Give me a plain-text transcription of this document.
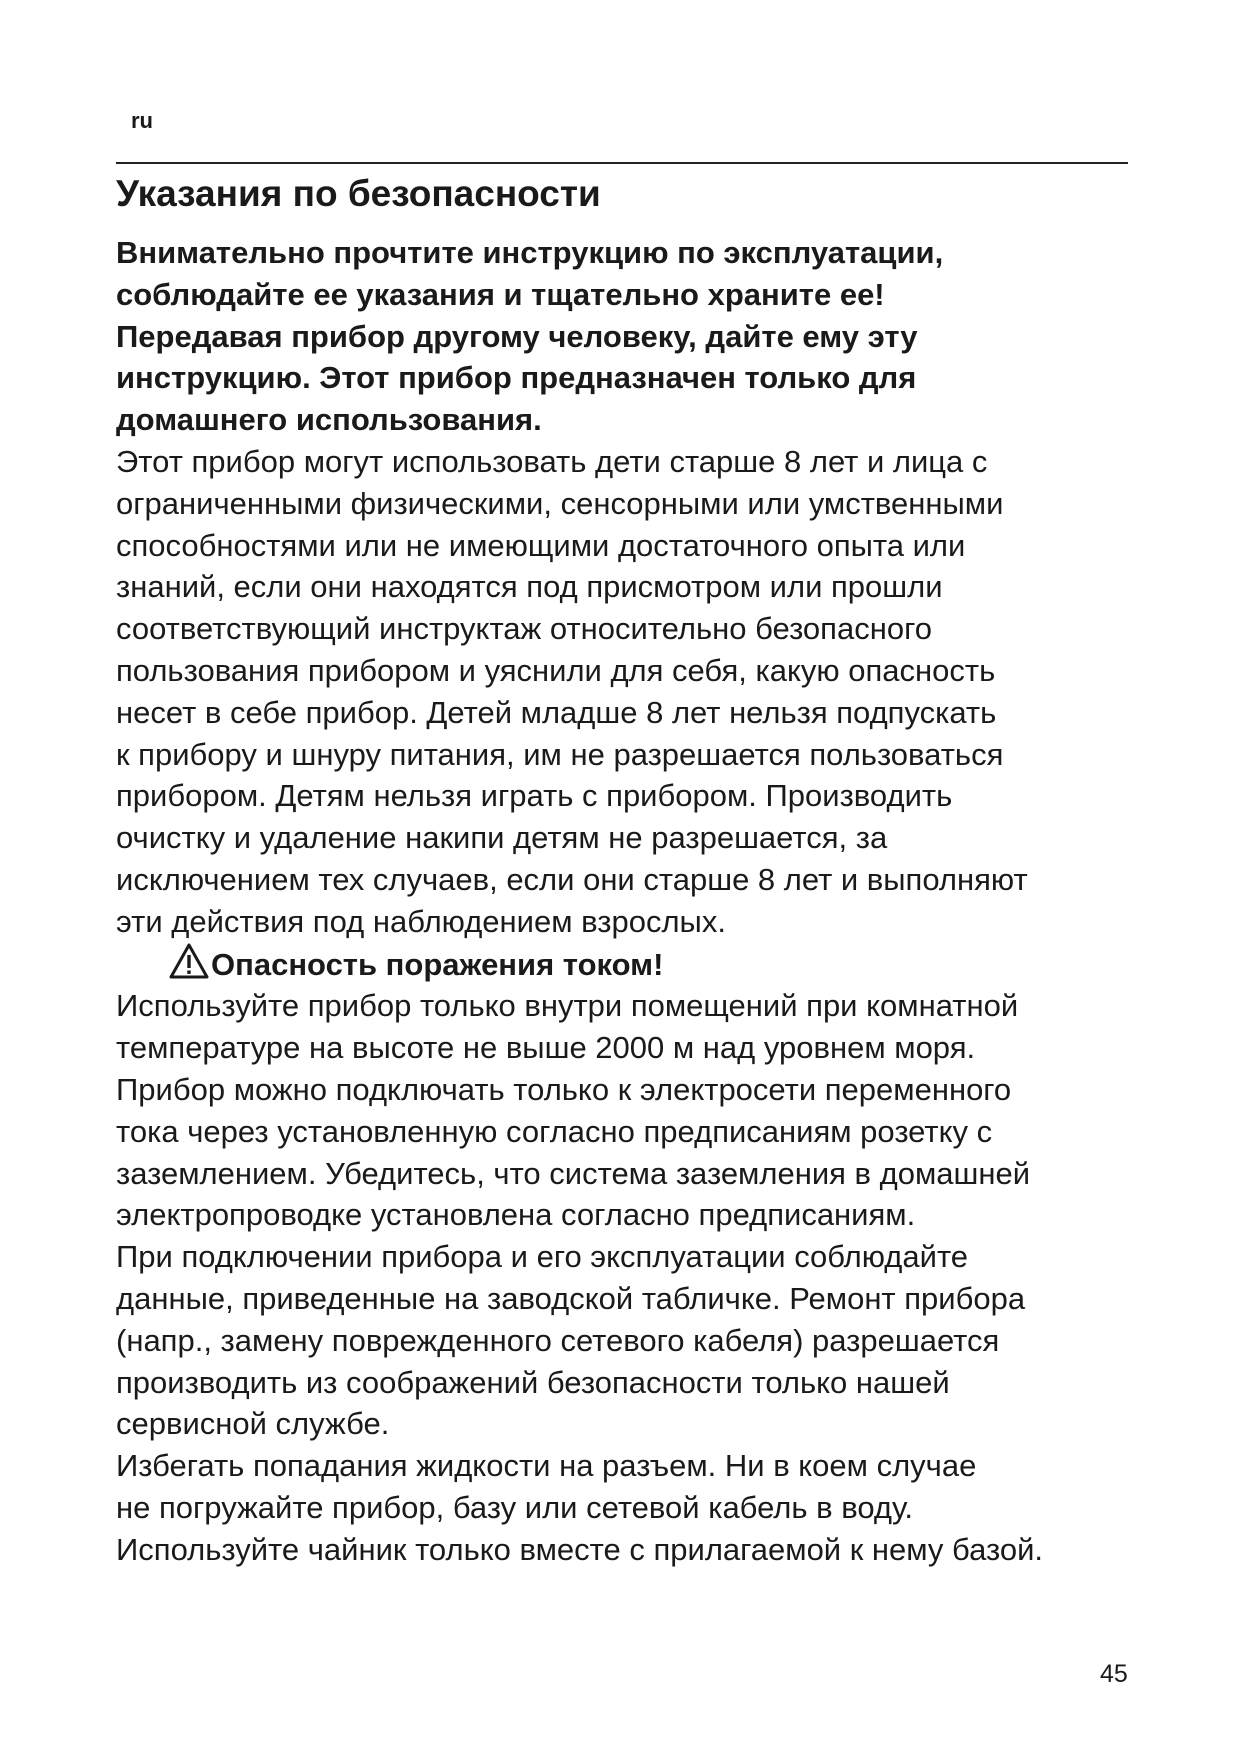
ru
Указания по безопасности
Внимательно прочтите инструкцию по эксплуатации,
соблюдайте ее указания и тщательно храните ее!
Передавая прибор другому человеку, дайте ему эту
инструкцию. Этот прибор предназначен только для
домашнего использования.
Этот прибор могут использовать дети старше 8 лет и лица с
ограниченными физическими, сенсорными или умственными
способностями или не имеющими достаточного опыта или
знаний, если они находятся под присмотром или прошли
соответствующий инструктаж относительно безопасного
пользования прибором и уяснили для себя, какую опасность
несет в себе прибор. Детей младше 8 лет нельзя подпускать
к прибору и шнуру питания, им не разрешается пользоваться
прибором. Детям нельзя играть с прибором. Производить
очистку и удаление накипи детям не разрешается, за
исключением тех случаев, если они старше 8 лет и выполняют
эти действия под наблюдением взрослых.
Опасность поражения током!
Используйте прибор только внутри помещений при комнатной
температуре на высоте не выше 2000 м над уровнем моря.
Прибор можно подключать только к электросети переменного
тока через установленную согласно предписаниям розетку с
заземлением. Убедитесь, что система заземления в домашней
электропроводке установлена согласно предписаниям.
При подключении прибора и его эксплуатации соблюдайте
данные, приведенные на заводской табличке. Ремонт прибора
(напр., замену поврежденного сетевого кабеля) разрешается
производить из соображений безопасности только нашей
сервисной службе.
Избегать попадания жидкости на разъем. Ни в коем случае
не погружайте прибор, базу или сетевой кабель в воду.
Используйте чайник только вместе с прилагаемой к нему базой.
45
